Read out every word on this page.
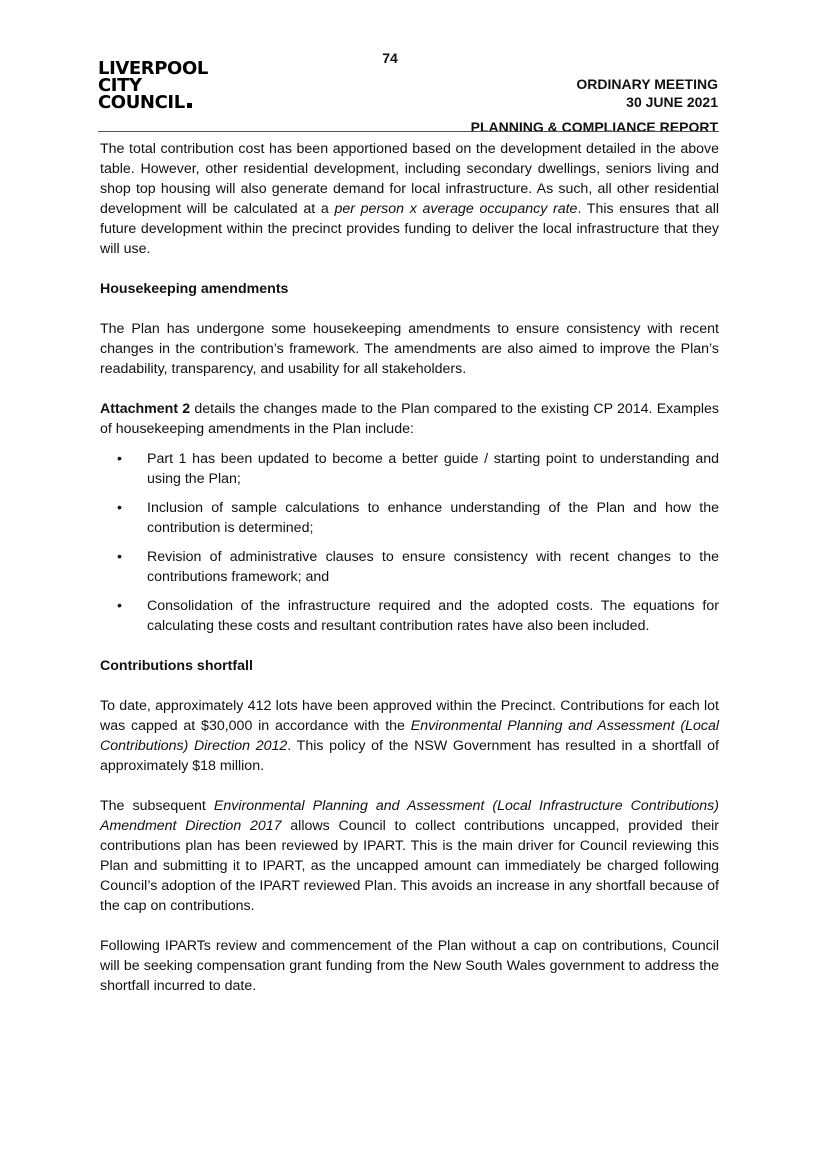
74
LIVERPOOL
CITY
COUNCIL
ORDINARY MEETING
30 JUNE 2021
PLANNING & COMPLIANCE REPORT

The total contribution cost has been apportioned based on the development detailed in the above table. However, other residential development, including secondary dwellings, seniors living and shop top housing will also generate demand for local infrastructure. As such, all other residential development will be calculated at a per person x average occupancy rate. This ensures that all future development within the precinct provides funding to deliver the local infrastructure that they will use.

Housekeeping amendments

The Plan has undergone some housekeeping amendments to ensure consistency with recent changes in the contribution’s framework. The amendments are also aimed to improve the Plan’s readability, transparency, and usability for all stakeholders.

Attachment 2 details the changes made to the Plan compared to the existing CP 2014. Examples of housekeeping amendments in the Plan include:

• Part 1 has been updated to become a better guide / starting point to understanding and using the Plan;
• Inclusion of sample calculations to enhance understanding of the Plan and how the contribution is determined;
• Revision of administrative clauses to ensure consistency with recent changes to the contributions framework; and
• Consolidation of the infrastructure required and the adopted costs. The equations for calculating these costs and resultant contribution rates have also been included.
Contributions shortfall

To date, approximately 412 lots have been approved within the Precinct. Contributions for each lot was capped at $30,000 in accordance with the Environmental Planning and Assessment (Local Contributions) Direction 2012. This policy of the NSW Government has resulted in a shortfall of approximately $18 million.

The subsequent Environmental Planning and Assessment (Local Infrastructure Contributions) Amendment Direction 2017 allows Council to collect contributions uncapped, provided their contributions plan has been reviewed by IPART. This is the main driver for Council reviewing this Plan and submitting it to IPART, as the uncapped amount can immediately be charged following Council’s adoption of the IPART reviewed Plan. This avoids an increase in any shortfall because of the cap on contributions.

Following IPARTs review and commencement of the Plan without a cap on contributions, Council will be seeking compensation grant funding from the New South Wales government to address the shortfall incurred to date.
